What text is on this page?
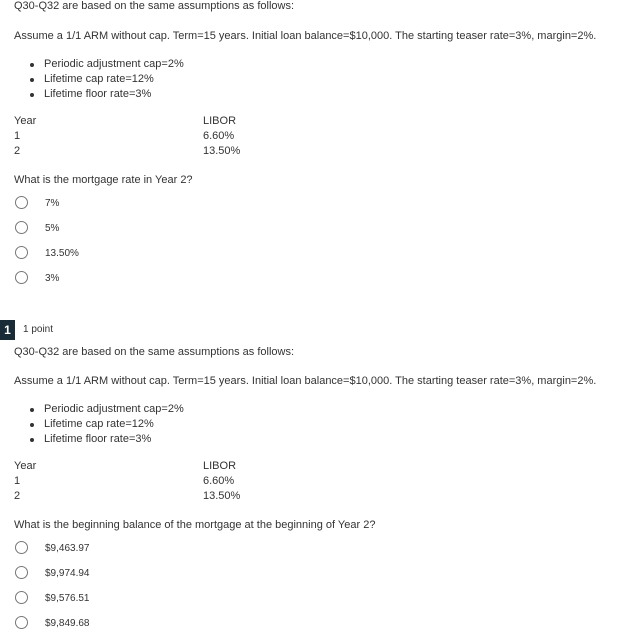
Q30-Q32 are based on the same assumptions as follows:
Assume a 1/1 ARM without cap. Term=15 years. Initial loan balance=$10,000. The starting teaser rate=3%, margin=2%.
Periodic adjustment cap=2%
Lifetime cap rate=12%
Lifetime floor rate=3%
Year	LIBOR
1	6.60%
2	13.50%
What is the mortgage rate in Year 2?
7%
5%
13.50%
3%
1	1 point
Q30-Q32 are based on the same assumptions as follows:
Assume a 1/1 ARM without cap. Term=15 years. Initial loan balance=$10,000. The starting teaser rate=3%, margin=2%.
Periodic adjustment cap=2%
Lifetime cap rate=12%
Lifetime floor rate=3%
Year	LIBOR
1	6.60%
2	13.50%
What is the beginning balance of the mortgage at the beginning of Year 2?
$9,463.97
$9,974.94
$9,576.51
$9,849.68
